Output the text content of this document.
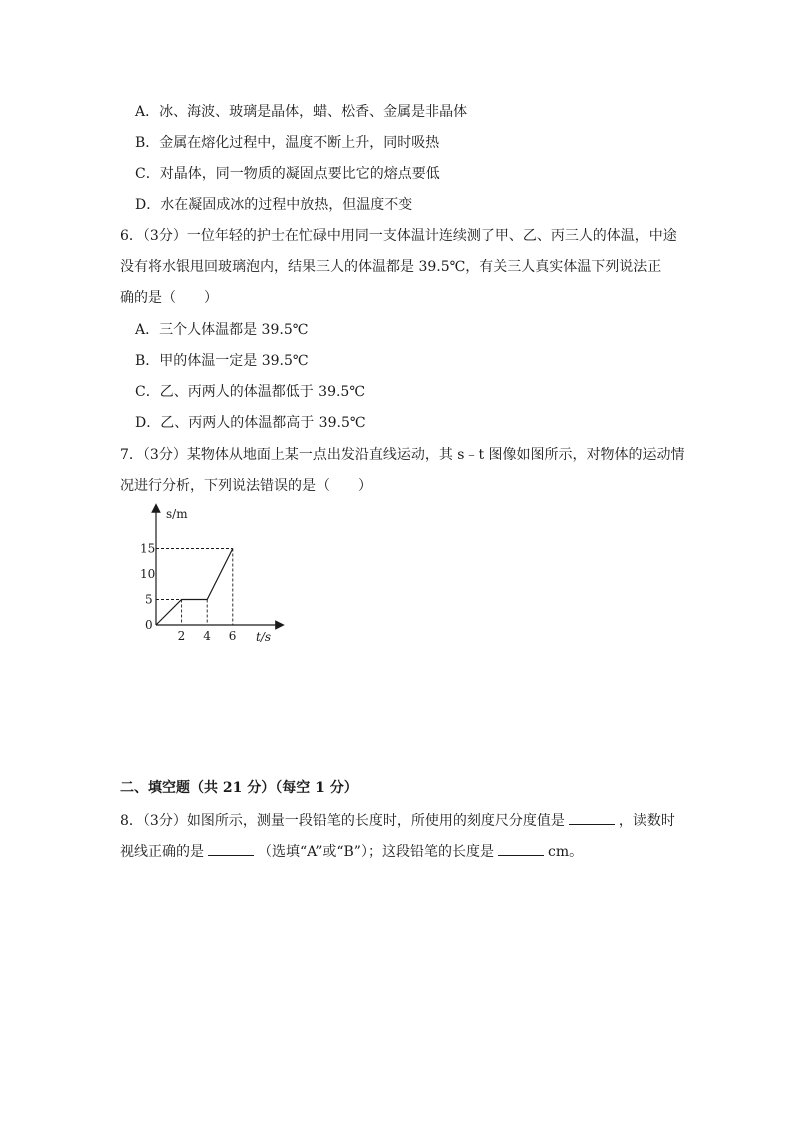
A．冰、海波、玻璃是晶体，蜡、松香、金属是非晶体
B．金属在熔化过程中，温度不断上升，同时吸热
C．对晶体，同一物质的凝固点要比它的熔点要低
D．水在凝固成冰的过程中放热，但温度不变
6．（3分）一位年轻的护士在忙碌中用同一支体温计连续测了甲、乙、丙三人的体温，中途
没有将水银甩回玻璃泡内，结果三人的体温都是 39.5℃，有关三人真实体温下列说法正
确的是（　　）
A．三个人体温都是 39.5℃
B．甲的体温一定是 39.5℃
C．乙、丙两人的体温都低于 39.5℃
D．乙、丙两人的体温都高于 39.5℃
7．（3分）某物体从地面上某一点出发沿直线运动，其 s﹣t 图像如图所示，对物体的运动情
况进行分析，下列说法错误的是（　　）
2 4 6
5
10
15
s/m
t/s
0
二、填空题（共 21 分）（每空 1 分）
8．（3分）如图所示，测量一段铅笔的长度时，所使用的刻度尺分度值是	，读数时
视线正确的是	（选填“A”或“B”）；这段铅笔的长度是	cm。
